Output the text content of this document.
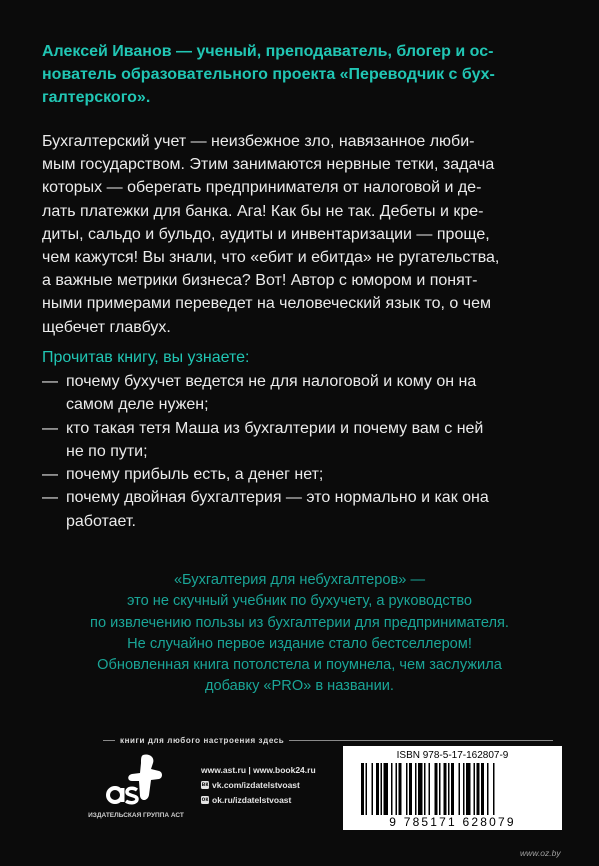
Алексей Иванов — ученый, преподаватель, блогер и ос-
нователь образовательного проекта «Переводчик с бух-
галтерского».
Бухгалтерский учет — неизбежное зло, навязанное люби-
мым государством. Этим занимаются нервные тетки, задача
которых — оберегать предпринимателя от налоговой и де-
лать платежки для банка. Ага! Как бы не так. Дебеты и кре-
диты, сальдо и бульдо, аудиты и инвентаризации — проще,
чем кажутся! Вы знали, что «ебит и ебитда» не ругательства,
а важные метрики бизнеса? Вот! Автор с юмором и понят-
ными примерами переведет на человеческий язык то, о чем
щебечет главбух.
Прочитав книгу, вы узнаете:
— почему бухучет ведется не для налоговой и кому он на
самом деле нужен;
— кто такая тетя Маша из бухгалтерии и почему вам с ней
не по пути;
— почему прибыль есть, а денег нет;
— почему двойная бухгалтерия — это нормально и как она
работает.
«Бухгалтерия для небухгалтеров» —
это не скучный учебник по бухучету, а руководство
по извлечению пользы из бухгалтерии для предпринимателя.
Не случайно первое издание стало бестселлером!
Обновленная книга потолстела и поумнела, чем заслужила
добавку «PRO» в названии.
книги для любого настроения здесь
ИЗДАТЕЛЬСКАЯ ГРУППА АСТ
www.ast.ru | www.book24.ru
вк vk.com/izdatelstvoast
ок ok.ru/izdatelstvoast
ISBN 978-5-17-162807-9
9 785171 628079
www.oz.by
